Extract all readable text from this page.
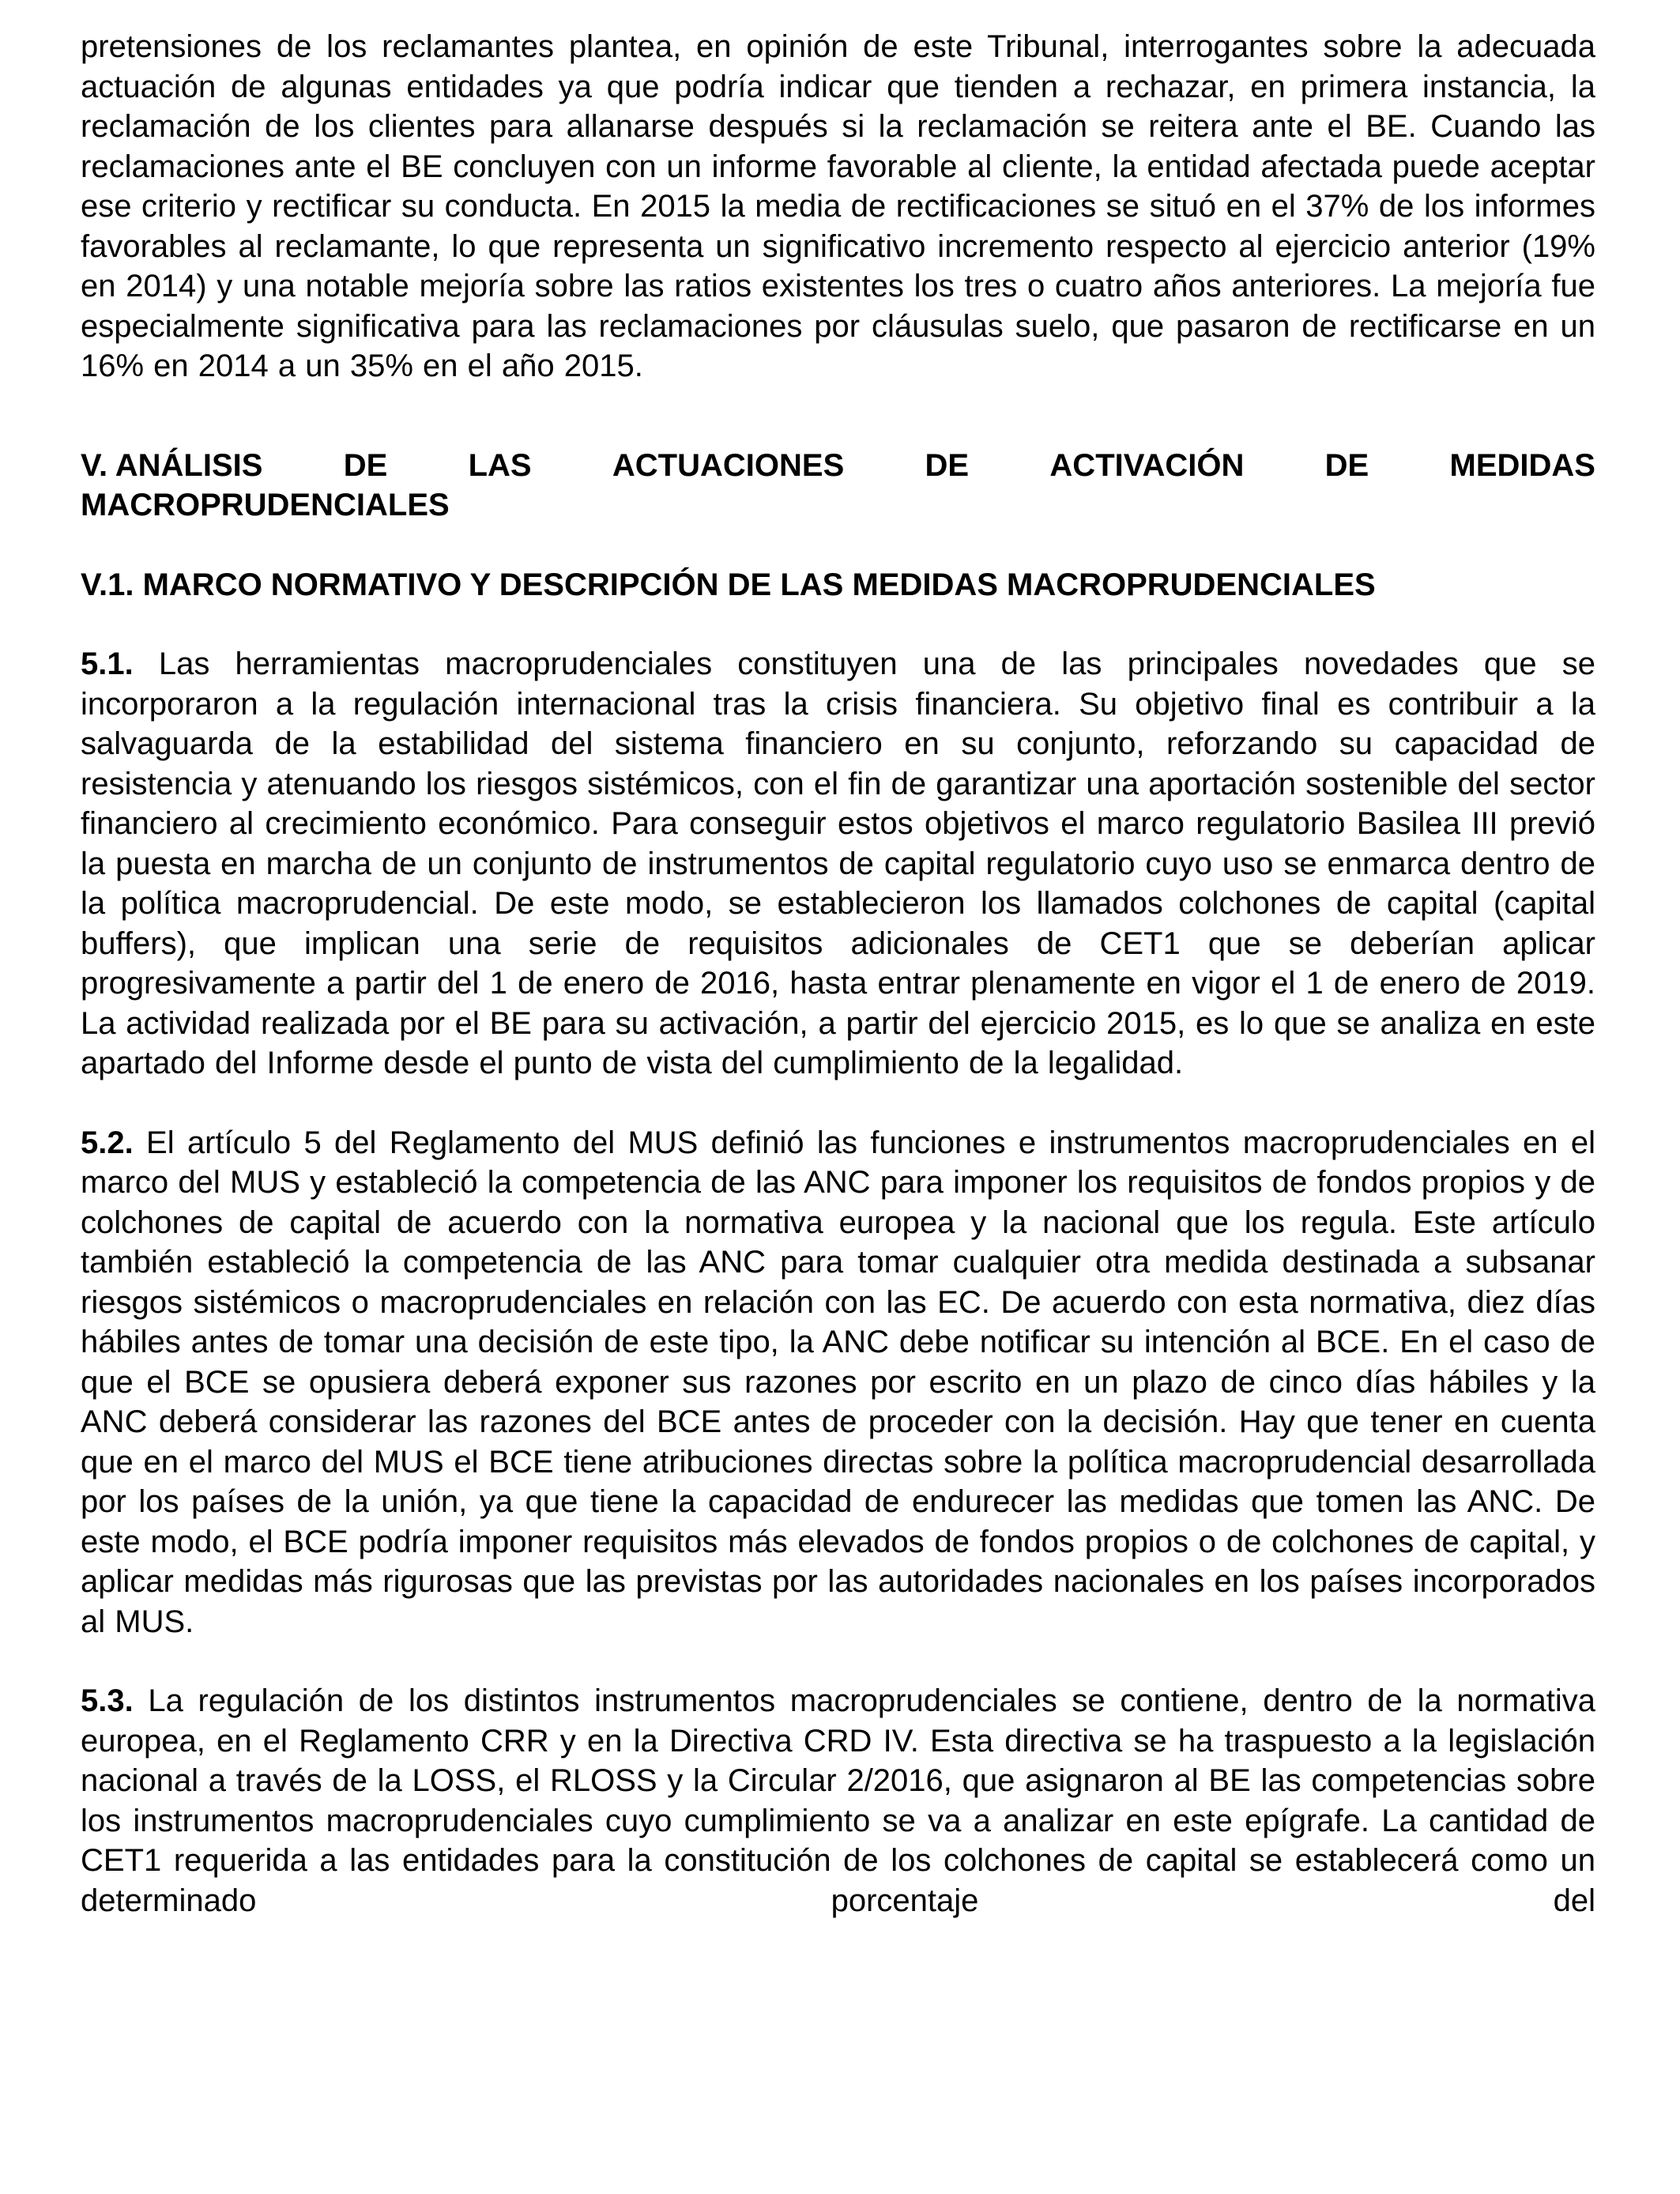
pretensiones de los reclamantes plantea, en opinión de este Tribunal, interrogantes sobre la adecuada actuación de algunas entidades ya que podría indicar que tienden a rechazar, en primera instancia, la reclamación de los clientes para allanarse después si la reclamación se reitera ante el BE. Cuando las reclamaciones ante el BE concluyen con un informe favorable al cliente, la entidad afectada puede aceptar ese criterio y rectificar su conducta. En 2015 la media de rectificaciones se situó en el 37% de los informes favorables al reclamante, lo que representa un significativo incremento respecto al ejercicio anterior (19% en 2014) y una notable mejoría sobre las ratios existentes los tres o cuatro años anteriores. La mejoría fue especialmente significativa para las reclamaciones por cláusulas suelo, que pasaron de rectificarse en un 16% en 2014 a un 35% en el año 2015.

V. ANÁLISIS	DE	LAS	ACTUACIONES	DE	ACTIVACIÓN	DE	MEDIDAS
MACROPRUDENCIALES

V.1. MARCO NORMATIVO Y DESCRIPCIÓN DE LAS MEDIDAS MACROPRUDENCIALES

5.1. Las herramientas macroprudenciales constituyen una de las principales novedades que se incorporaron a la regulación internacional tras la crisis financiera. Su objetivo final es contribuir a la salvaguarda de la estabilidad del sistema financiero en su conjunto, reforzando su capacidad de resistencia y atenuando los riesgos sistémicos, con el fin de garantizar una aportación sostenible del sector financiero al crecimiento económico. Para conseguir estos objetivos el marco regulatorio Basilea III previó la puesta en marcha de un conjunto de instrumentos de capital regulatorio cuyo uso se enmarca dentro de la política macroprudencial. De este modo, se establecieron los llamados colchones de capital (capital buffers), que implican una serie de requisitos adicionales de CET1 que se deberían aplicar progresivamente a partir del 1 de enero de 2016, hasta entrar plenamente en vigor el 1 de enero de 2019. La actividad realizada por el BE para su activación, a partir del ejercicio 2015, es lo que se analiza en este apartado del Informe desde el punto de vista del cumplimiento de la legalidad.

5.2. El artículo 5 del Reglamento del MUS definió las funciones e instrumentos macroprudenciales en el marco del MUS y estableció la competencia de las ANC para imponer los requisitos de fondos propios y de colchones de capital de acuerdo con la normativa europea y la nacional que los regula. Este artículo también estableció la competencia de las ANC para tomar cualquier otra medida destinada a subsanar riesgos sistémicos o macroprudenciales en relación con las EC. De acuerdo con esta normativa, diez días hábiles antes de tomar una decisión de este tipo, la ANC debe notificar su intención al BCE. En el caso de que el BCE se opusiera deberá exponer sus razones por escrito en un plazo de cinco días hábiles y la ANC deberá considerar las razones del BCE antes de proceder con la decisión. Hay que tener en cuenta que en el marco del MUS el BCE tiene atribuciones directas sobre la política macroprudencial desarrollada por los países de la unión, ya que tiene la capacidad de endurecer las medidas que tomen las ANC. De este modo, el BCE podría imponer requisitos más elevados de fondos propios o de colchones de capital, y aplicar medidas más rigurosas que las previstas por las autoridades nacionales en los países incorporados al MUS.

5.3. La regulación de los distintos instrumentos macroprudenciales se contiene, dentro de la normativa europea, en el Reglamento CRR y en la Directiva CRD IV. Esta directiva se ha traspuesto a la legislación nacional a través de la LOSS, el RLOSS y la Circular 2/2016, que asignaron al BE las competencias sobre los instrumentos macroprudenciales cuyo cumplimiento se va a analizar en este epígrafe. La cantidad de CET1 requerida a las entidades para la constitución de los colchones de capital se establecerá como un determinado porcentaje del
